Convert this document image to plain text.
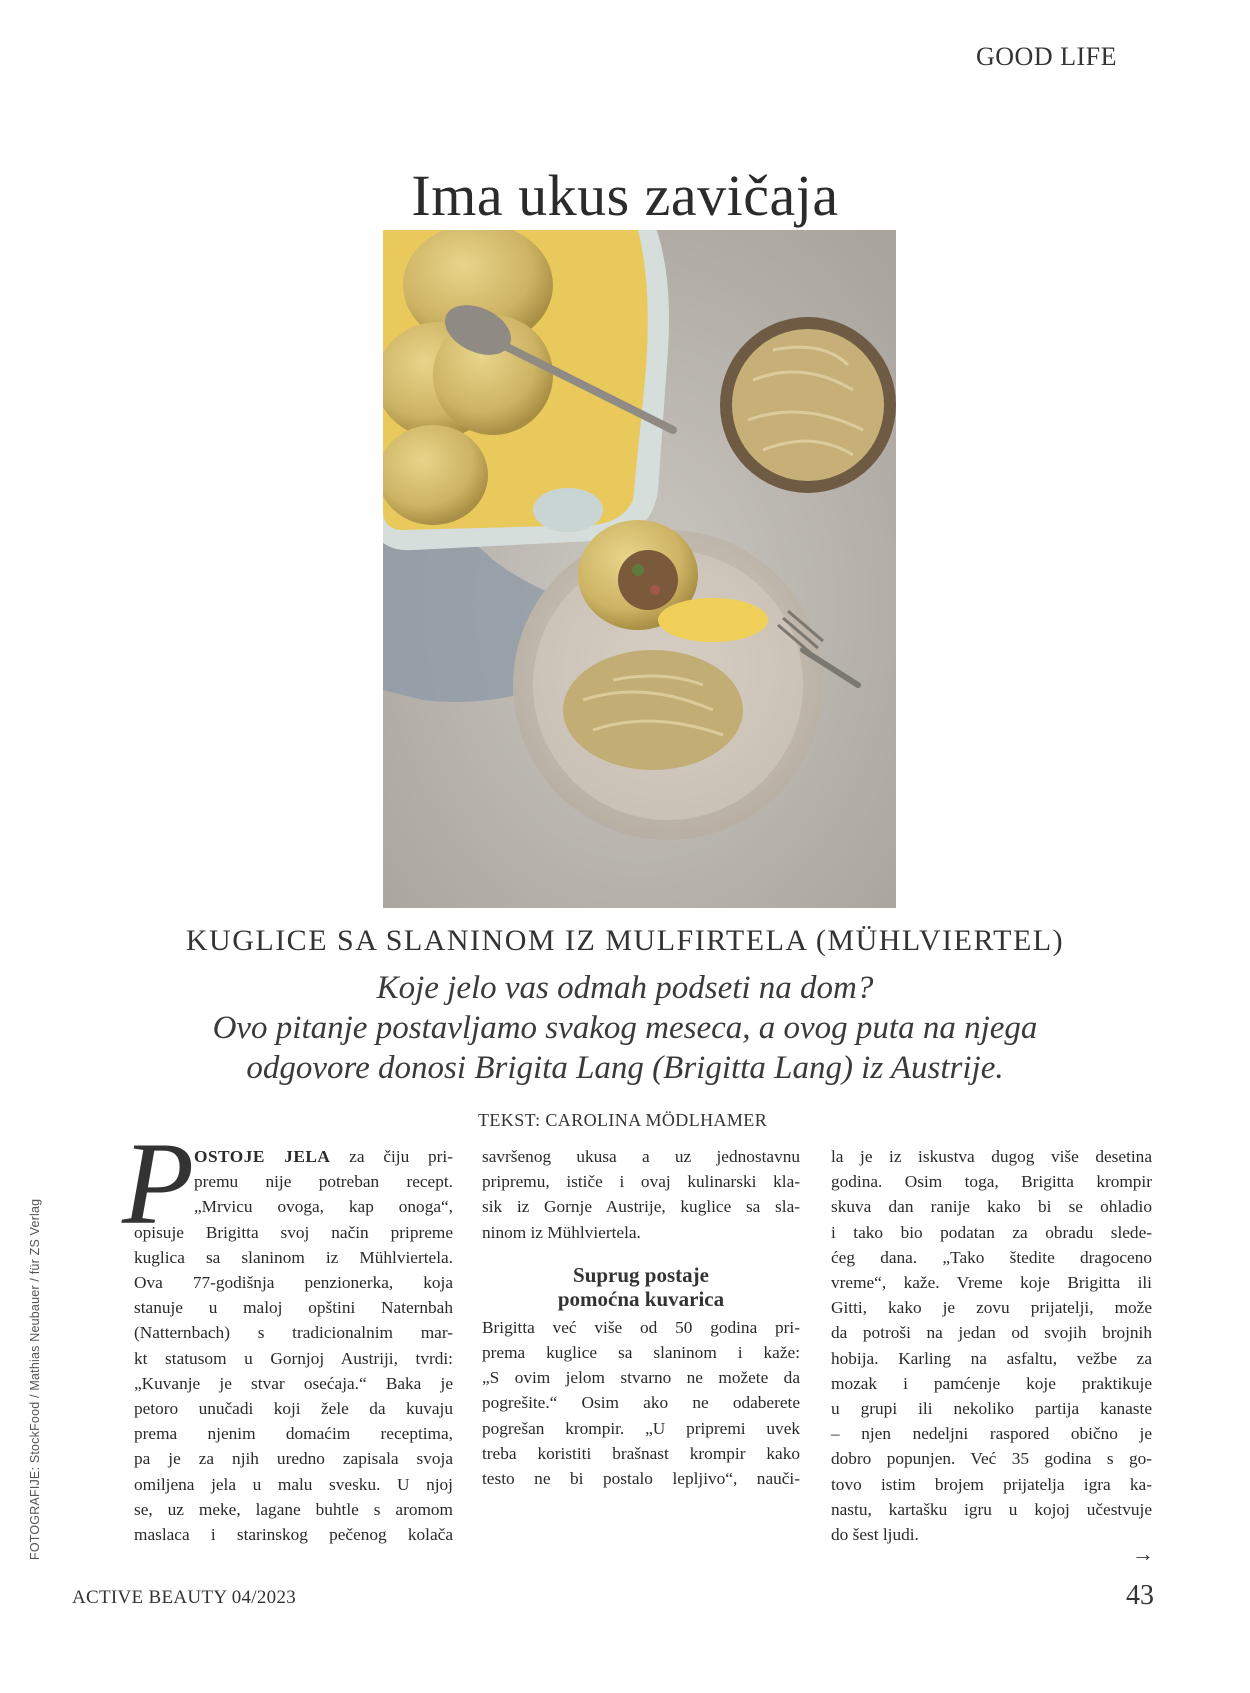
GOOD LIFE
Ima ukus zavičaja
KUGLICE SA SLANINOM IZ MULFIRTELA (MÜHLVIERTEL)
Koje jelo vas odmah podseti na dom?
Ovo pitanje postavljamo svakog meseca, a ovog puta na njega
odgovore donosi Brigita Lang (Brigitta Lang) iz Austrije.
TEKST: CAROLINA MÖDLHAMER
FOTOGRAFIJE: StockFood / Mathias Neubauer / für ZS Verlag
P OSTOJE JELA za čiju pri-
premu nije potreban recept.
„Mrvicu ovoga, kap onoga“,
opisuje Brigitta svoj način pripreme
kuglica sa slaninom iz Mühlviertela.
Ova 77-godišnja penzionerka, koja
stanuje u maloj opštini Naternbah
(Natternbach) s tradicionalnim mar-
kt statusom u Gornjoj Austriji, tvrdi:
„Kuvanje je stvar osećaja.“ Baka je
petoro unučadi koji žele da kuvaju
prema njenim domaćim receptima,
pa je za njih uredno zapisala svoja
omiljena jela u malu svesku. U njoj
se, uz meke, lagane buhtle s aromom
maslaca i starinskog pečenog kolača
savršenog ukusa a uz jednostavnu
pripremu, ističe i ovaj kulinarski kla-
sik iz Gornje Austrije, kuglice sa sla-
ninom iz Mühlviertela.
Suprug postaje
pomoćna kuvarica
Brigitta već više od 50 godina pri-
prema kuglice sa slaninom i kaže:
„S ovim jelom stvarno ne možete da
pogrešite.“ Osim ako ne odaberete
pogrešan krompir. „U pripremi uvek
treba koristiti brašnast krompir kako
testo ne bi postalo lepljivo“, nauči-
la je iz iskustva dugog više desetina
godina. Osim toga, Brigitta krompir
skuva dan ranije kako bi se ohladio
i tako bio podatan za obradu slede-
ćeg dana. „Tako štedite dragoceno
vreme“, kaže. Vreme koje Brigitta ili
Gitti, kako je zovu prijatelji, može
da potroši na jedan od svojih brojnih
hobija. Karling na asfaltu, vežbe za
mozak i pamćenje koje praktikuje
u grupi ili nekoliko partija kanaste
– njen nedeljni raspored obično je
dobro popunjen. Već 35 godina s go-
tovo istim brojem prijatelja igra ka-
nastu, kartašku igru u kojoj učestvuje
do šest ljudi.
→
ACTIVE BEAUTY 04/2023	43
